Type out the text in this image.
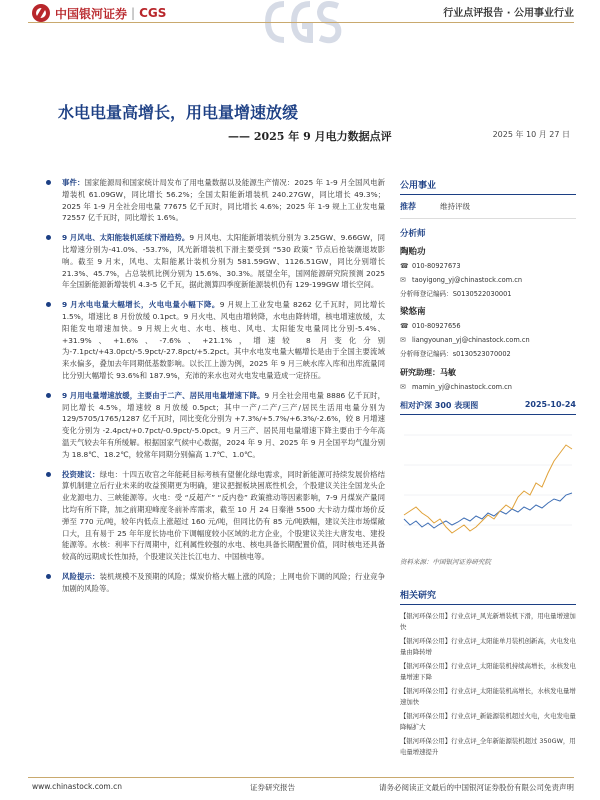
中国银河证券 | CGS	行业点评报告 · 公用事业行业
水电电量高增长，用电量增速放缓
—— 2025 年 9 月电力数据点评	2025 年 10 月 27 日
事件：国家能源局和国家统计局发布了用电量数据以及能源生产情况：2025 年 1-9 月全国风电新增装机 61.09GW，同比增长 56.2%；全国太阳能新增装机 240.27GW，同比增长 49.3%；2025 年 1-9 月全社会用电量 77675 亿千瓦时，同比增长 4.6%；2025 年 1-9 规上工业发电量 72557 亿千瓦时，同比增长 1.6%。
9 月风电、太阳能装机延续下滑趋势。9 月风电、太阳能新增装机分别为 3.25GW、9.66GW，同比增速分别为-41.0%、-53.7%，风光新增装机下滑主要受到 “530 政策” 节点后抢装潮退坡影响。截至 9 月末，风电、太阳能累计装机分别为 581.59GW、1126.51GW，同比分别增长 21.3%、45.7%，占总装机比例分别为 15.6%、30.3%。展望全年，国网能源研究院预测 2025 年全国新能源新增装机 4.3-5 亿千瓦，据此测算四季度新能源装机仍有 129-199GW 增长空间。
9 月水电电量大幅增长，火电电量小幅下降。9 月规上工业发电量 8262 亿千瓦时，同比增长 1.5%，增速比 8 月份放缓 0.1pct。9 月火电、风电由增转降，水电由降转增，核电增速放缓，太阳能发电增速加快。9 月规上火电、水电、核电、风电、太阳能发电量同比分别-5.4%、+31.9%、+1.6%、-7.6%、+21.1%，增速较 8 月变化分别为-7.1pct/+43.0pct/-5.9pct/-27.8pct/+5.2pct。其中水电发电量大幅增长是由于全国主要流域来水偏多，叠加去年同期低基数影响。以长江上游为例，2025 年 9 月三峡水库入库和出库流量同比分别大幅增长 93.6%和 187.9%，充沛的来水也对火电发电量造成一定挤压。
9 月用电量增速放缓，主要由于二产、居民用电量增速下降。9 月全社会用电量 8886 亿千瓦时，同比增长 4.5%，增速较 8 月放缓 0.5pct；其中一产/二产/三产/居民生活用电量分别为 129/5705/1765/1287 亿千瓦时，同比变化分别为 +7.3%/+5.7%/+6.3%/-2.6%，较 8 月增速变化分别为 -2.4pct/+0.7pct/-0.9pct/-5.0pct。9 月三产、居民用电量增速下降主要由于今年高温天气较去年有所缓解。根据国家气候中心数据，2024 年 9 月、2025 年 9 月全国平均气温分别为 18.8℃、18.2℃，较常年同期分别偏高 1.7℃、1.0℃。
投资建议：绿电：十四五收官之年能耗目标考核有望催化绿电需求，同时新能源可持续发展价格结算机制建立后行业未来的收益预期更为明确，建议把握板块困底性机会，个股建议关注全国龙头企业龙源电力、三峡能源等。火电：受 “反超产” “反内卷” 政策推动等因素影响，7-9 月煤炭产量同比均有所下降，加之前期迎峰度冬前补库需求，截至 10 月 24 日秦港 5500 大卡动力煤市场价反弹至 770 元/吨，较年内低点上涨超过 160 元/吨，但同比仍有 85 元/吨跌幅，建议关注市场煤敞口大，且有易于 25 年年度长协电价下调幅度较小区域的北方企业，个股建议关注大唐发电、建投能源等。水核：利率下行周期中，红利属性较强的水电、核电具备长期配置价值，同时核电还具备较高的远期成长性加持，个股建议关注长江电力、中国核电等。
风险提示：装机规模不及预期的风险；煤炭价格大幅上涨的风险；上网电价下调的风险；行业竞争加剧的风险等。
公用事业
推荐	维持评级
分析师
陶贻功
☎ 010-80927673
✉ taoyigong_yj@chinastock.com.cn
分析师登记编码：S0130522030001
梁悠南
☎ 010-80927656
✉ liangyounan_yj@chinastock.com.cn
分析师登记编码：s0130523070002
研究助理：马敏
✉ mamin_yj@chinastock.com.cn
相对沪深 300 表现图	2025-10-24
资料来源：中国银河证券研究院
相关研究
【银河环保公用】行业点评_风光新增装机下滑，用电量增速加快
【银河环保公用】行业点评_太阳能单月装机创新高，火电发电量由降转增
【银河环保公用】行业点评_太阳能装机持续高增长，水核发电量增速下降
【银河环保公用】行业点评_太阳能装机高增长，水核发电量增速加快
【银河环保公用】行业点评_新能源装机超过火电，火电发电量降幅扩大
【银河环保公用】行业点评_全年新能源装机超过 350GW，用电量增速提升
www.chinastock.com.cn	证券研究报告	请务必阅读正文最后的中国银河证券股份有限公司免责声明
